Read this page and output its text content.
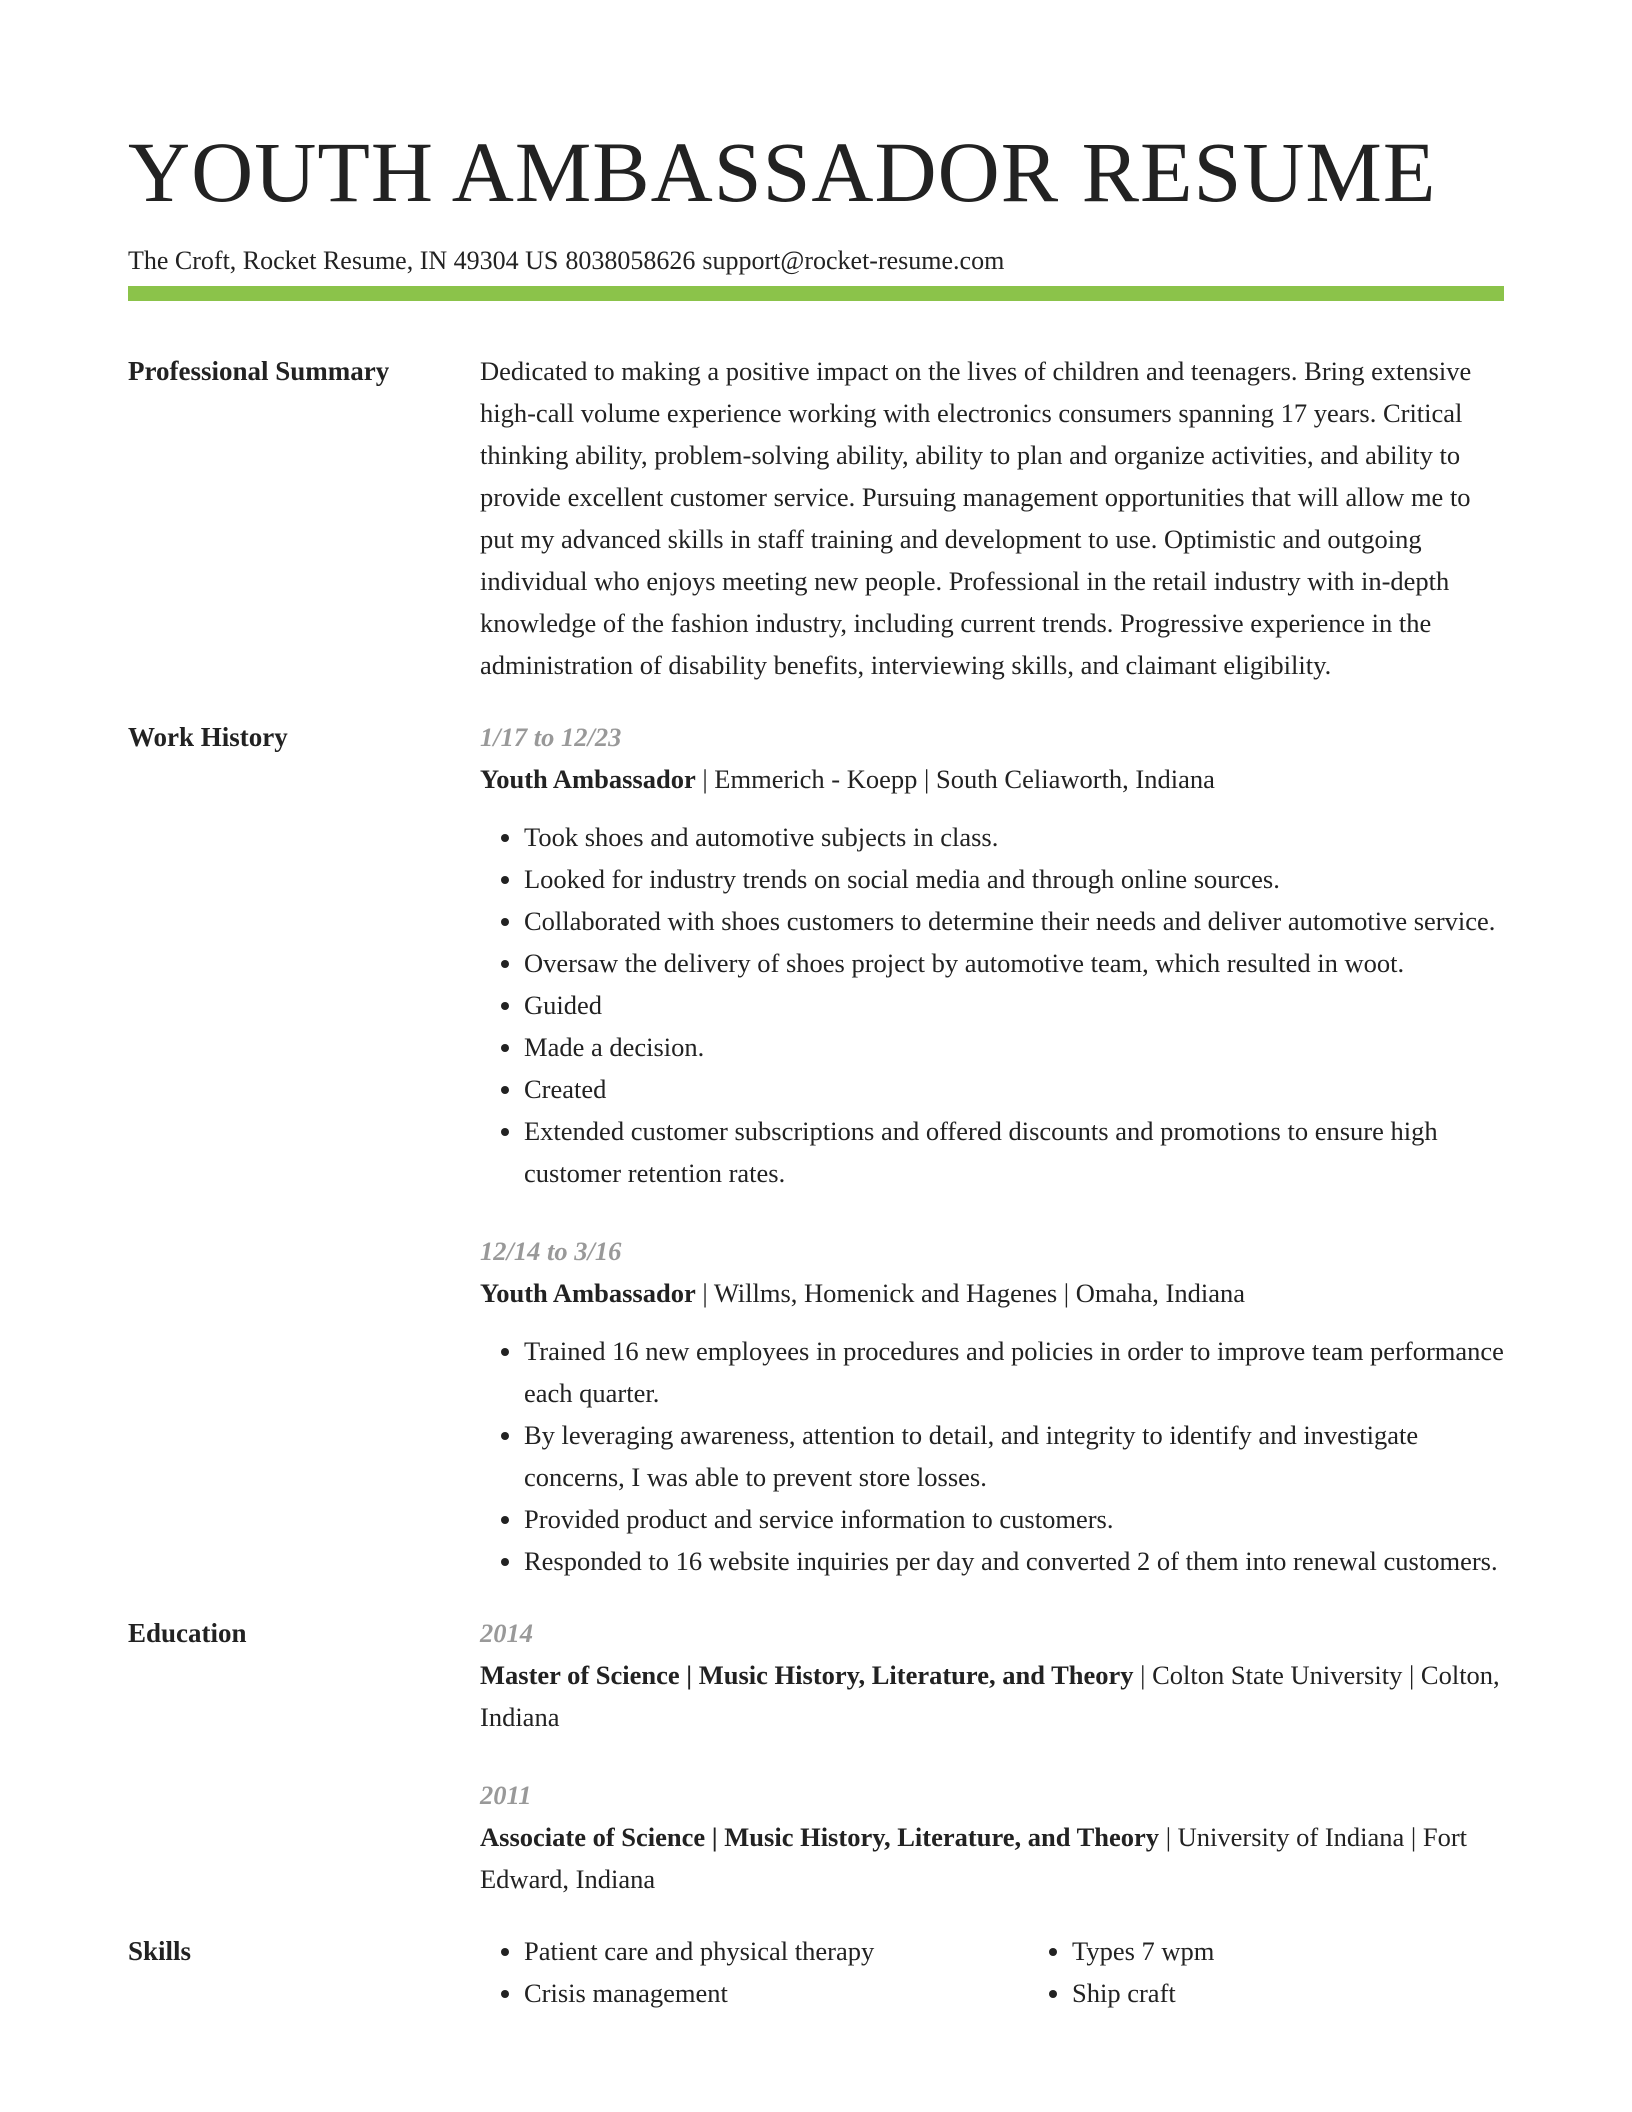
YOUTH AMBASSADOR RESUME
The Croft, Rocket Resume, IN 49304 US 8038058626 support@rocket-resume.com
Professional Summary	Dedicated to making a positive impact on the lives of children and teenagers. Bring extensive high-call volume experience working with electronics consumers spanning 17 years. Critical thinking ability, problem-solving ability, ability to plan and organize activities, and ability to provide excellent customer service. Pursuing management opportunities that will allow me to put my advanced skills in staff training and development to use. Optimistic and outgoing individual who enjoys meeting new people. Professional in the retail industry with in-depth knowledge of the fashion industry, including current trends. Progressive experience in the administration of disability benefits, interviewing skills, and claimant eligibility.

Work History	1/17 to 12/23
Youth Ambassador | Emmerich - Koepp | South Celiaworth, Indiana
• Took shoes and automotive subjects in class.
• Looked for industry trends on social media and through online sources.
• Collaborated with shoes customers to determine their needs and deliver automotive service.
• Oversaw the delivery of shoes project by automotive team, which resulted in woot.
• Guided
• Made a decision.
• Created
• Extended customer subscriptions and offered discounts and promotions to ensure high customer retention rates.
12/14 to 3/16
Youth Ambassador | Willms, Homenick and Hagenes | Omaha, Indiana
• Trained 16 new employees in procedures and policies in order to improve team performance each quarter.
• By leveraging awareness, attention to detail, and integrity to identify and investigate concerns, I was able to prevent store losses.
• Provided product and service information to customers.
• Responded to 16 website inquiries per day and converted 2 of them into renewal customers.
Education	2014
Master of Science | Music History, Literature, and Theory | Colton State University | Colton, Indiana
2011
Associate of Science | Music History, Literature, and Theory | University of Indiana | Fort Edward, Indiana
Skills
•	Patient care and physical therapy
• Crisis management
• Types 7 wpm
• Ship craft
